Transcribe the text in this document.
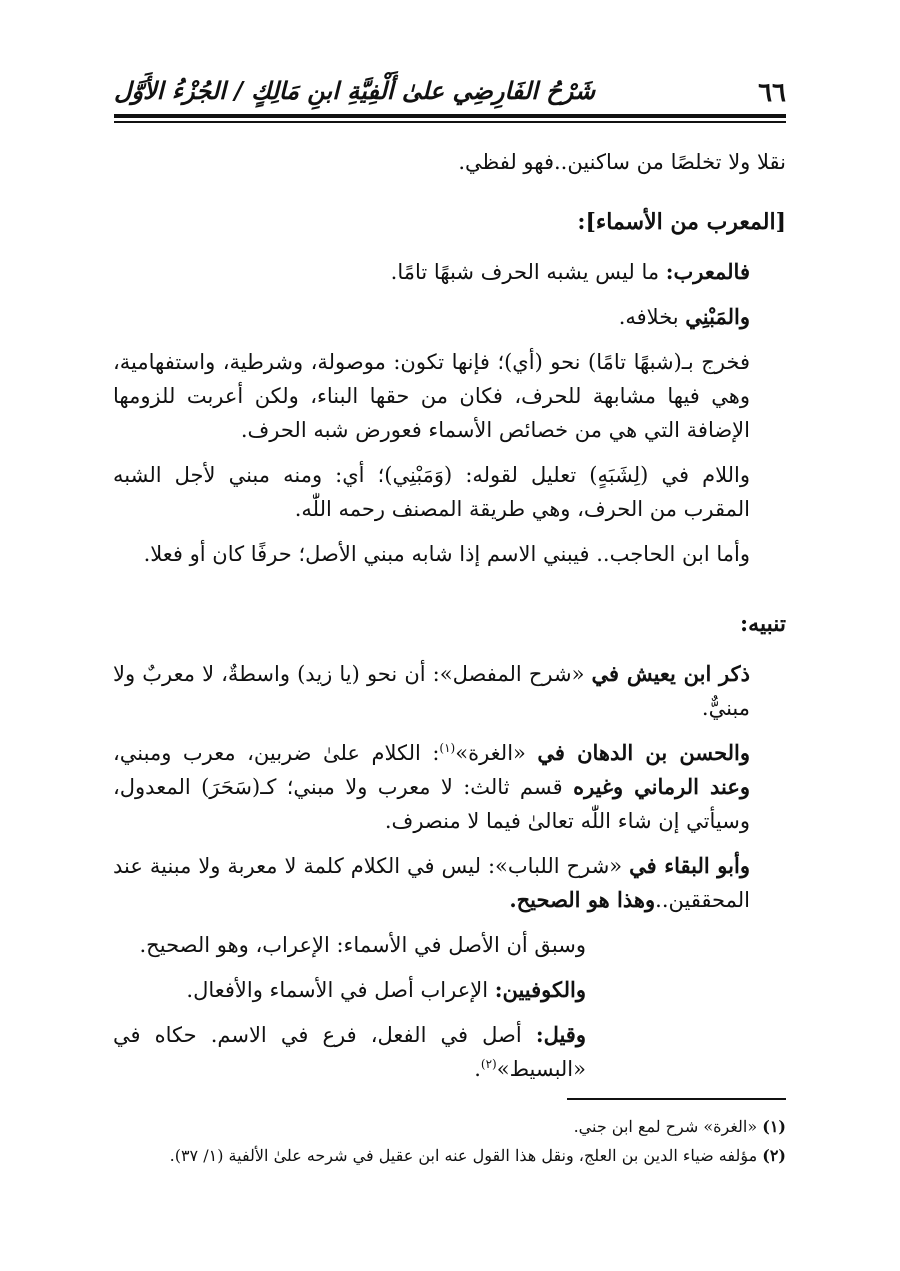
٦٦
شَرْحُ الفَارِضِي علىٰ أَلْفِيَّةِ ابنِ مَالِكٍ / الجُزْءُ الأَوَّل

نقلا ولا تخلصًا من ساكنين..فهو لفظي.

[المعرب من الأسماء]:

فالمعرب: ما ليس يشبه الحرف شبهًا تامًا.

والمَبْنِي بخلافه.

فخرج بـ(شبهًا تامًا) نحو (أي)؛ فإنها تكون: موصولة، وشرطية، واستفهامية، وهي فيها مشابهة للحرف، فكان من حقها البناء، ولكن أعربت للزومها الإضافة التي هي من خصائص الأسماء فعورض شبه الحرف.

واللام في (لِشَبَهٍ) تعليل لقوله: (وَمَبْنِي)؛ أي: ومنه مبني لأجل الشبه المقرب من الحرف، وهي طريقة المصنف رحمه اللّٰه.

وأما ابن الحاجب.. فيبني الاسم إذا شابه مبني الأصل؛ حرفًا كان أو فعلا.

تنبيه:

ذكر ابن يعيش في «شرح المفصل»: أن نحو (يا زيد) واسطةٌ، لا معربٌ ولا مبنيٌّ.

والحسن بن الدهان في «الغرة»$^{(١)}$: الكلام علىٰ ضربين، معرب ومبني، وعند الرماني وغيره قسم ثالث: لا معرب ولا مبني؛ كـ(سَحَرَ) المعدول، وسيأتي إن شاء اللّٰه تعالىٰ فيما لا منصرف.

وأبو البقاء في «شرح اللباب»: ليس في الكلام كلمة لا معربة ولا مبنية عند المحققين..وهذا هو الصحيح.

وسبق أن الأصل في الأسماء: الإعراب، وهو الصحيح.

والكوفيين: الإعراب أصل في الأسماء والأفعال.

وقيل: أصل في الفعل، فرع في الاسم. حكاه في «البسيط»$^{(٢)}$.

(١) «الغرة» شرح لمع ابن جني.

(٢) مؤلفه ضياء الدين بن العلج، ونقل هذا القول عنه ابن عقيل في شرحه علىٰ الألفية (١/ ٣٧).
